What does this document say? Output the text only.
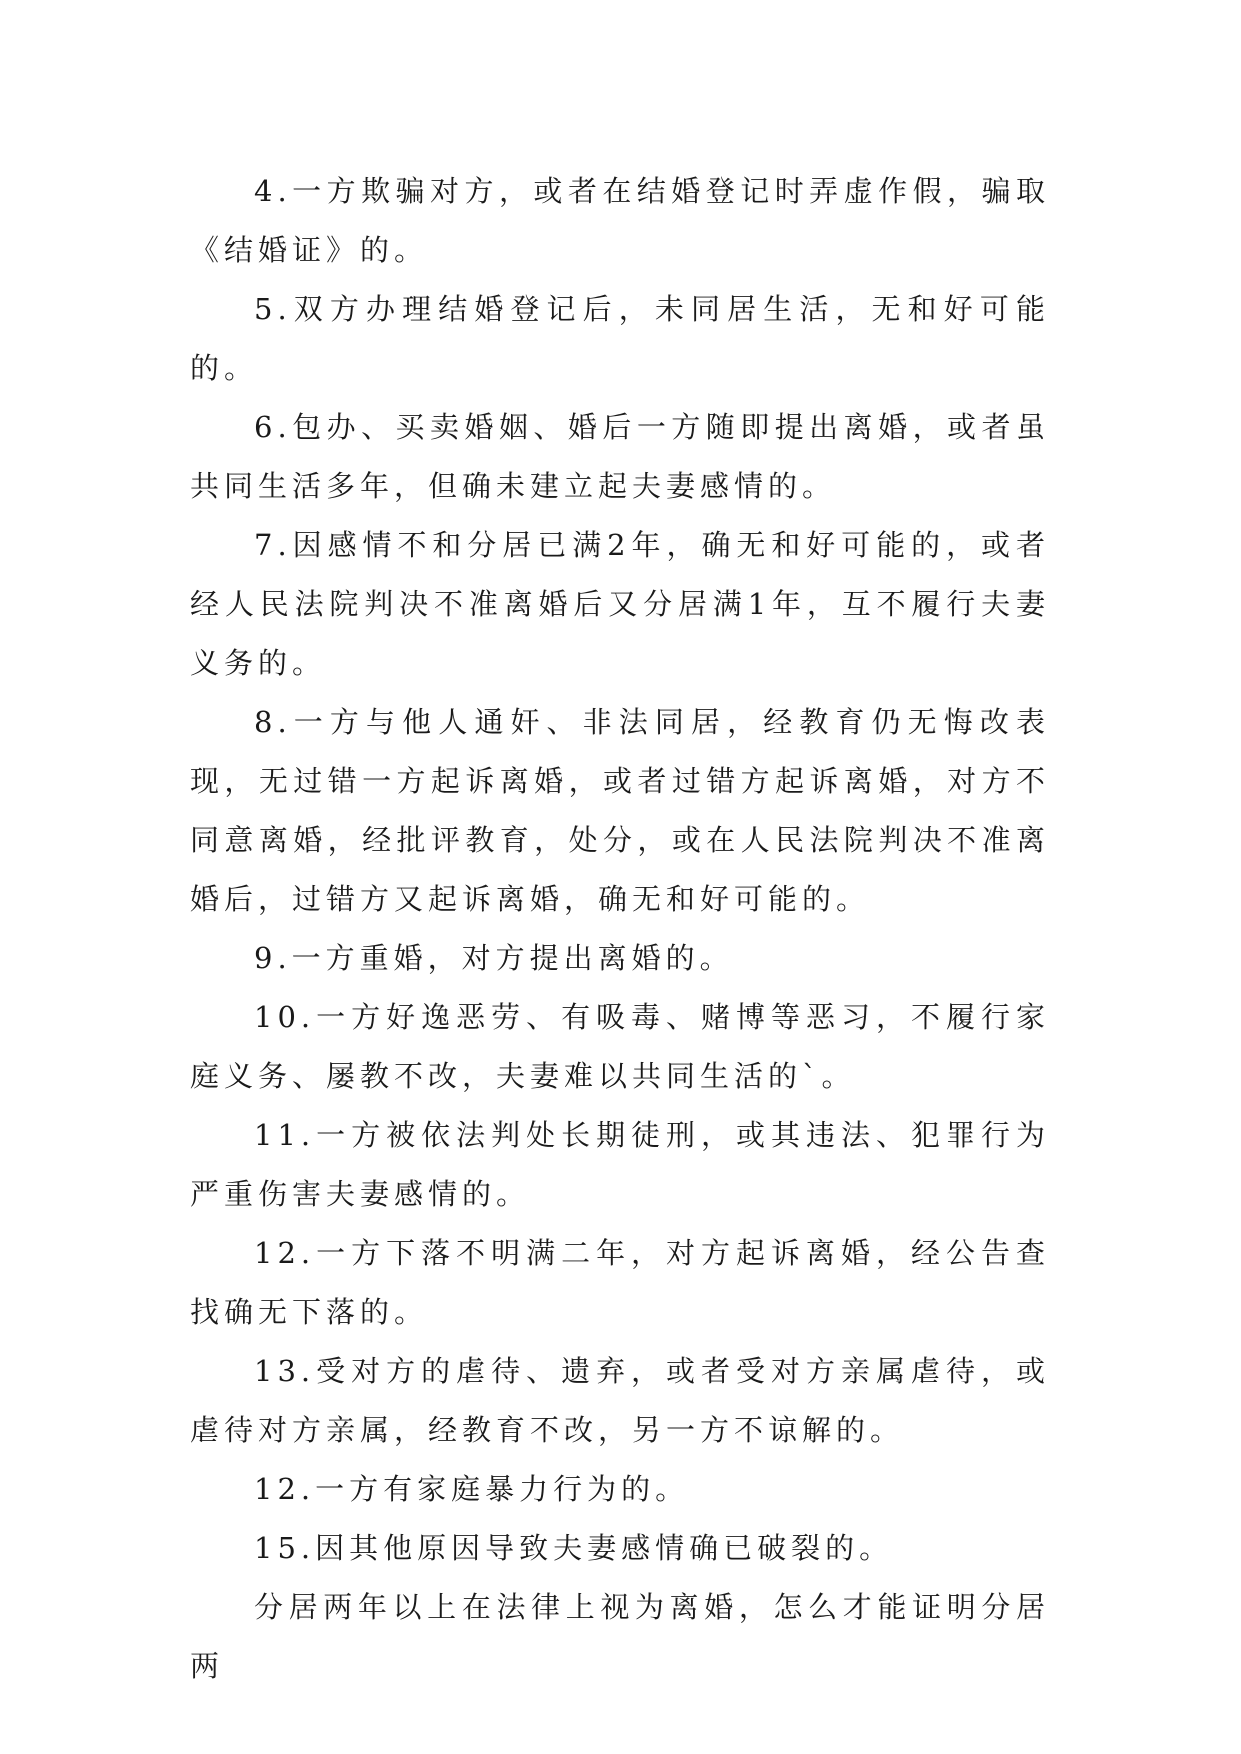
4.一方欺骗对方，或者在结婚登记时弄虚作假，骗取《结婚证》的。

5.双方办理结婚登记后，未同居生活，无和好可能的。

6.包办、买卖婚姻、婚后一方随即提出离婚，或者虽共同生活多年，但确未建立起夫妻感情的。

7.因感情不和分居已满2年，确无和好可能的，或者经人民法院判决不准离婚后又分居满1年，互不履行夫妻义务的。

8.一方与他人通奸、非法同居，经教育仍无悔改表现，无过错一方起诉离婚，或者过错方起诉离婚，对方不同意离婚，经批评教育，处分，或在人民法院判决不准离婚后，过错方又起诉离婚，确无和好可能的。

9.一方重婚，对方提出离婚的。

10.一方好逸恶劳、有吸毒、赌博等恶习，不履行家庭义务、屡教不改，夫妻难以共同生活的`。

11.一方被依法判处长期徒刑，或其违法、犯罪行为严重伤害夫妻感情的。

12.一方下落不明满二年，对方起诉离婚，经公告查找确无下落的。

13.受对方的虐待、遗弃，或者受对方亲属虐待，或虐待对方亲属，经教育不改，另一方不谅解的。

12.一方有家庭暴力行为的。

15.因其他原因导致夫妻感情确已破裂的。

分居两年以上在法律上视为离婚，怎么才能证明分居两
